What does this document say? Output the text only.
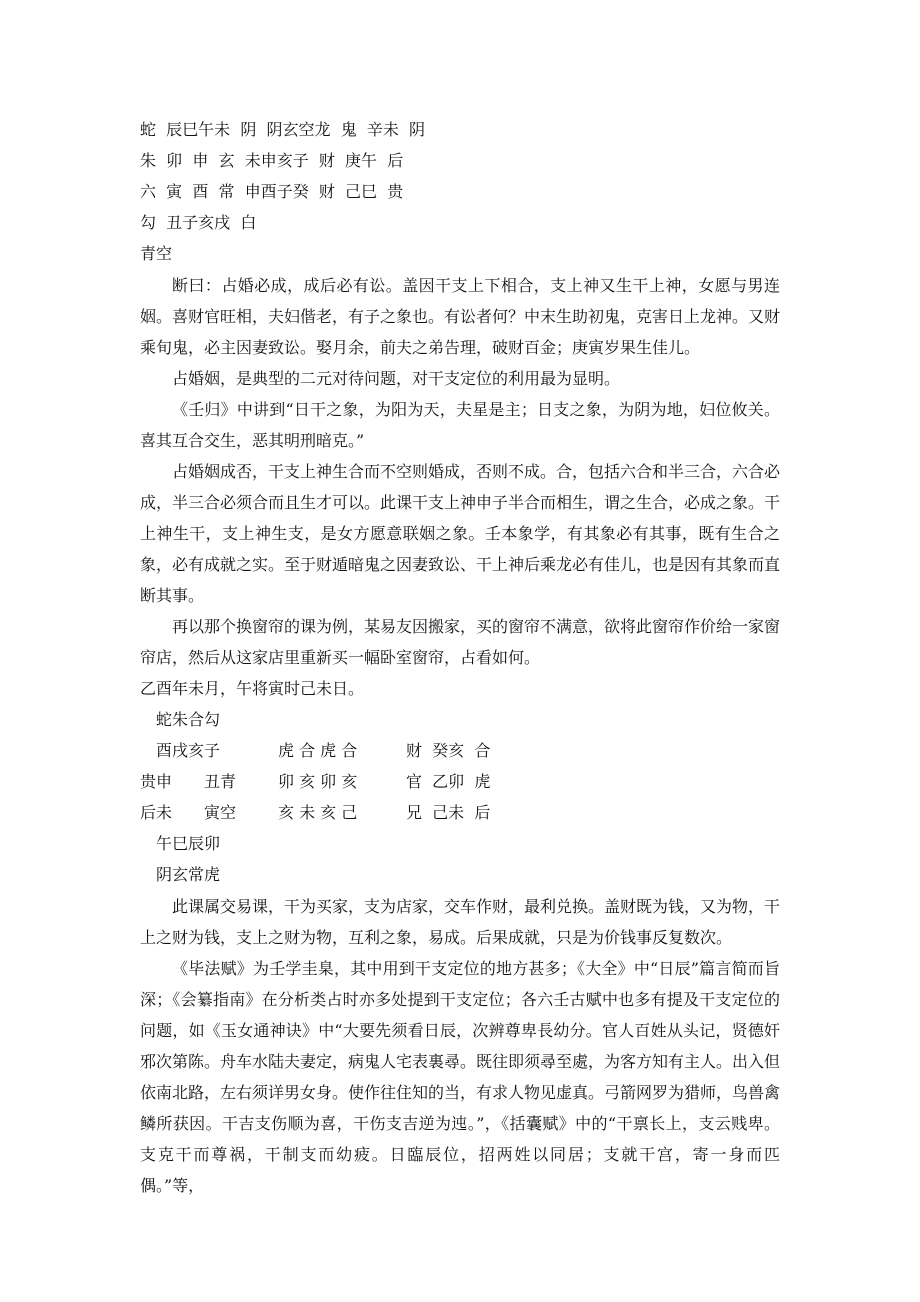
蛇  辰巳午未  阴  阴玄空龙  鬼  辛未  阴
朱  卯  申  玄  未申亥子  财  庚午  后
六  寅  酉  常  申酉子癸  财  己巳  贵
勾  丑子亥戌  白
青空

断曰：占婚必成，成后必有讼。盖因干支上下相合，支上神又生干上神，女愿与男连姻。喜财官旺相，夫妇偕老，有子之象也。有讼者何？中末生助初鬼，克害日上龙神。又财乘旬鬼，必主因妻致讼。娶月余，前夫之弟告理，破财百金；庚寅岁果生佳儿。

占婚姻，是典型的二元对待问题，对干支定位的利用最为显明。

《壬归》中讲到“日干之象，为阳为天，夫星是主；日支之象，为阴为地，妇位攸关。喜其互合交生，恶其明刑暗克。”

占婚姻成否，干支上神生合而不空则婚成，否则不成。合，包括六合和半三合，六合必成，半三合必须合而且生才可以。此课干支上神申子半合而相生，谓之生合，必成之象。干上神生干，支上神生支，是女方愿意联姻之象。壬本象学，有其象必有其事，既有生合之象，必有成就之实。至于财遁暗鬼之因妻致讼、干上神后乘龙必有佳儿，也是因有其象而直断其事。

再以那个换窗帘的课为例，某易友因搬家，买的窗帘不满意，欲将此窗帘作价给一家窗帘店，然后从这家店里重新买一幅卧室窗帘，占看如何。

乙酉年未月，午将寅时己未日。
蛇朱合勾
酉戌亥子	虎 合 虎 合	财  癸亥  合
贵申 丑青	卯 亥 卯 亥	官  乙卯  虎
后未 寅空	亥 未 亥 己	兄  己未  后
午巳辰卯
阴玄常虎

此课属交易课，干为买家，支为店家，交车作财，最利兑换。盖财既为钱，又为物，干上之财为钱，支上之财为物，互利之象，易成。后果成就，只是为价钱事反复数次。

《毕法赋》为壬学圭臬，其中用到干支定位的地方甚多；《大全》中“日辰”篇言简而旨深；《会纂指南》在分析类占时亦多处提到干支定位；各六壬古赋中也多有提及干支定位的问题，如《玉女通神诀》中“大要先须看日辰，次辨尊卑長幼分。官人百姓从头记，贤德奸邪次第陈。舟车水陆夫妻定，病鬼人宅表裏尋。既往即须尋至處，为客方知有主人。出入但依南北路，左右须详男女身。使作往住知的当，有求人物见虚真。弓箭网罗为猎师，鸟兽禽鳞所获因。干吉支伤顺为喜，干伤支吉逆为迍。”，《括囊赋》中的“干禀长上，支云贱卑。支克干而尊祸，干制支而幼疲。日臨辰位，招两姓以同居；支就干宫，寄一身而匹偶。”等，
